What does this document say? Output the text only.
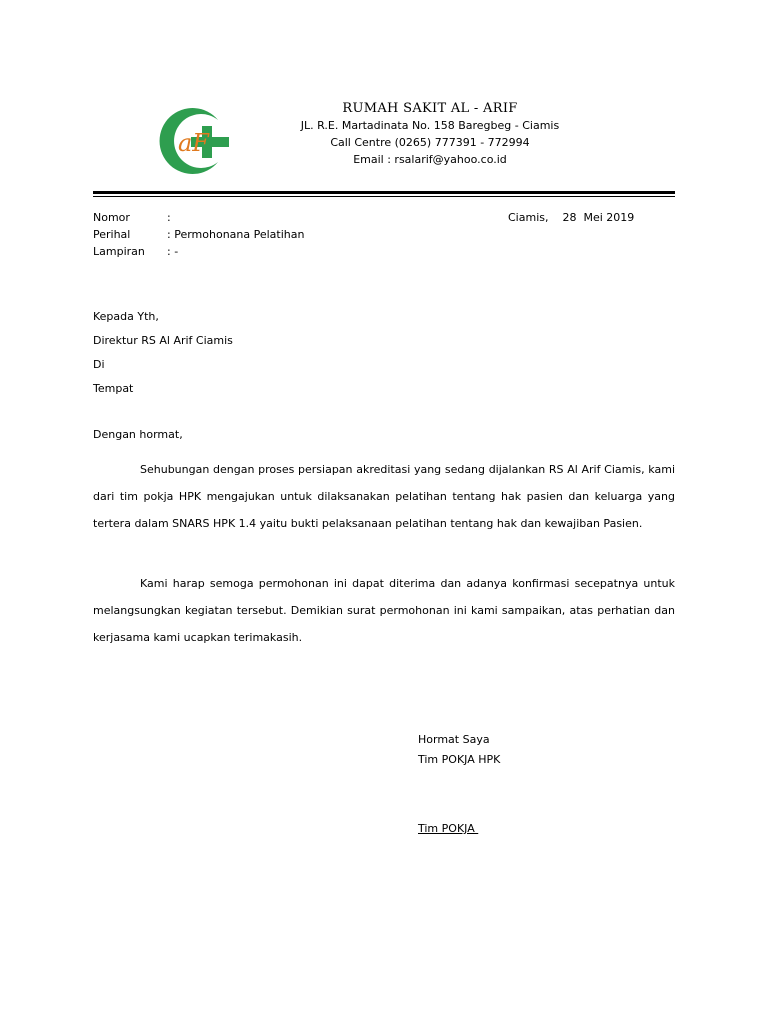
aF
RUMAH SAKIT AL - ARIF
JL. R.E. Martadinata No. 158 Baregbeg - Ciamis
Call Centre (0265) 777391 - 772994
Email : rsalarif@yahoo.co.id
Nomor	:
Perihal	: Permohonana Pelatihan
Lampiran	: -
Ciamis,    28  Mei 2019
Kepada Yth,
Direktur RS Al Arif Ciamis
Di
Tempat
Dengan hormat,
Sehubungan dengan proses persiapan akreditasi yang sedang dijalankan RS Al Arif Ciamis, kami dari tim pokja HPK mengajukan untuk dilaksanakan pelatihan tentang hak pasien dan keluarga yang tertera dalam SNARS HPK 1.4 yaitu bukti pelaksanaan pelatihan tentang hak dan kewajiban Pasien.
Kami harap semoga permohonan ini dapat diterima dan adanya konfirmasi secepatnya untuk melangsungkan kegiatan tersebut. Demikian surat permohonan ini kami sampaikan, atas perhatian dan kerjasama kami ucapkan terimakasih.
Hormat Saya
Tim POKJA HPK
Tim POKJA
